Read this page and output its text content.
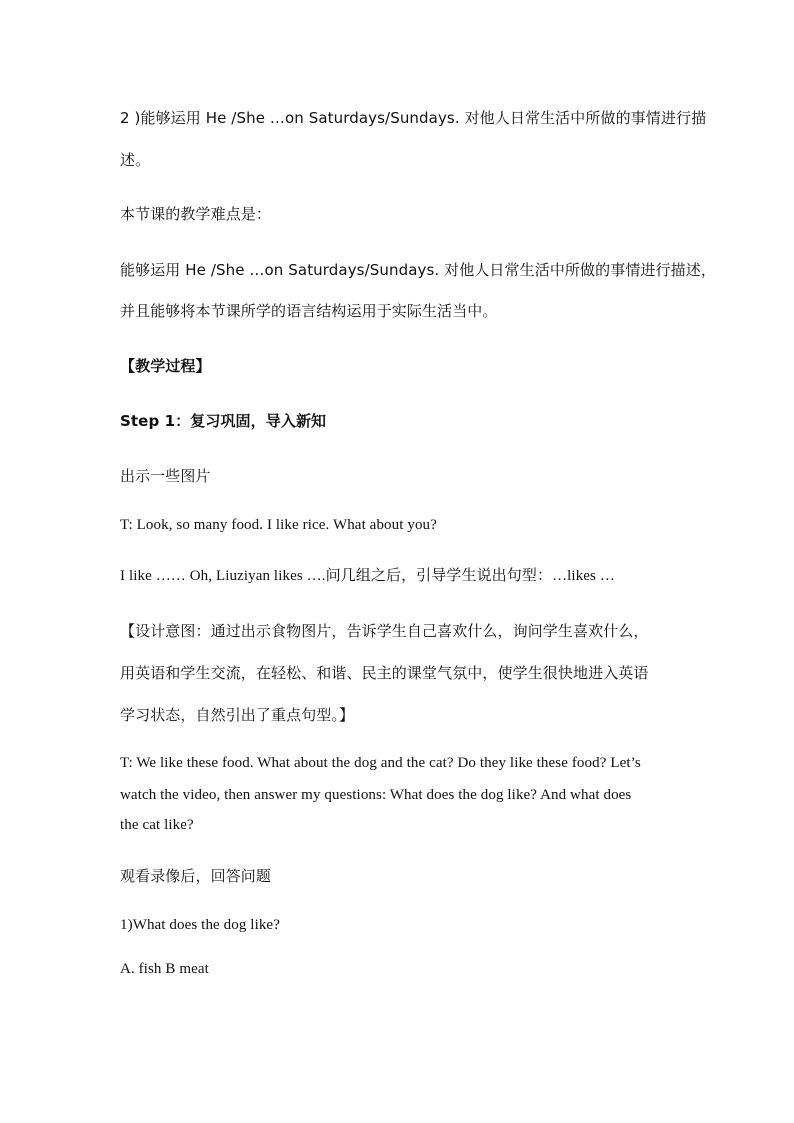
2 )能够运用 He /She …on Saturdays/Sundays. 对他人日常生活中所做的事情进行描
述。
本节课的教学难点是：
能够运用 He /She …on Saturdays/Sundays. 对他人日常生活中所做的事情进行描述，
并且能够将本节课所学的语言结构运用于实际生活当中。
【教学过程】
Step 1：复习巩固，导入新知
出示一些图片
T: Look, so many food. I like rice. What about you?
I like …… Oh, Liuziyan likes ….问几组之后，引导学生说出句型：…likes …
【设计意图：通过出示食物图片，告诉学生自己喜欢什么，询问学生喜欢什么，
用英语和学生交流，在轻松、和谐、民主的课堂气氛中，使学生很快地进入英语
学习状态，自然引出了重点句型。】
T: We like these food. What about the dog and the cat? Do they like these food? Let’s
watch the video, then answer my questions: What does the dog like? And what does
the cat like?
观看录像后，回答问题
1)What does the dog like?
A. fish B meat
